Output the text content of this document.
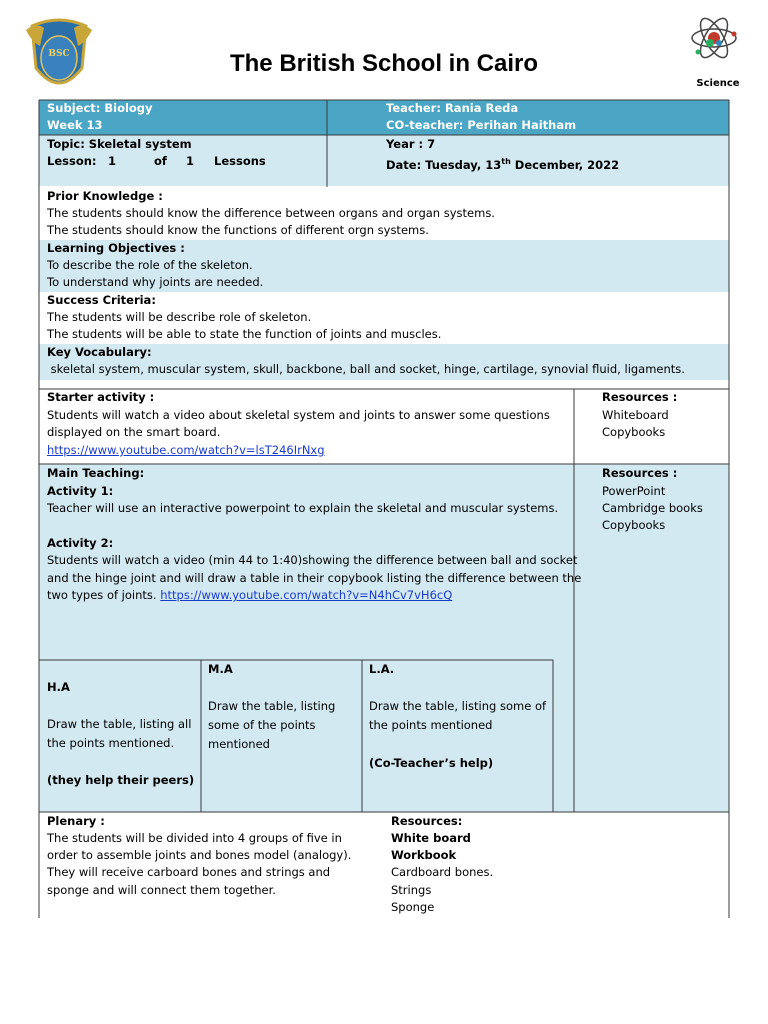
BSC	The British School in Cairo
Science
Subject: Biology
Week 13
Teacher: Rania Reda
CO-teacher: Perihan Haitham
Topic: Skeletal system
Lesson: 1	of 1 Lessons
Year : 7
Date: Tuesday, 13th December, 2022
Prior Knowledge :
The students should know the difference between organs and organ systems.
The students should know the functions of different orgn systems.
Learning Objectives :
To describe the role of the skeleton.
To understand why joints are needed.
Success Criteria:
The students will be describe role of skeleton.
The students will be able to state the function of joints and muscles.
Key Vocabulary:
skeletal system, muscular system, skull, backbone, ball and socket, hinge, cartilage, synovial fluid, ligaments.
Starter activity :
Students will watch a video about skeletal system and joints to answer some questions
displayed on the smart board.
https://www.youtube.com/watch?v=lsT246IrNxg
Resources :
Whiteboard
Copybooks
Main Teaching:
Activity 1:
Teacher will use an interactive powerpoint to explain the skeletal and muscular systems.
Activity 2:
Students will watch a video (min 44 to 1:40)showing the difference between ball and socket
and the hinge joint and will draw a table in their copybook listing the difference between the
two types of joints. https://www.youtube.com/watch?v=N4hCv7vH6cQ
Resources :
PowerPoint
Cambridge books
Copybooks
H.A
Draw the table, listing all
the points mentioned.
(they help their peers)
M.A
Draw the table, listing
some of the points
mentioned
L.A.
Draw the table, listing some of
the points mentioned
(Co-Teacher’s help)
Plenary :
The students will be divided into 4 groups of five in
order to assemble joints and bones model (analogy).
They will receive carboard bones and strings and
sponge and will connect them together.
Resources:
White board
Workbook
Cardboard bones.
Strings
Sponge
